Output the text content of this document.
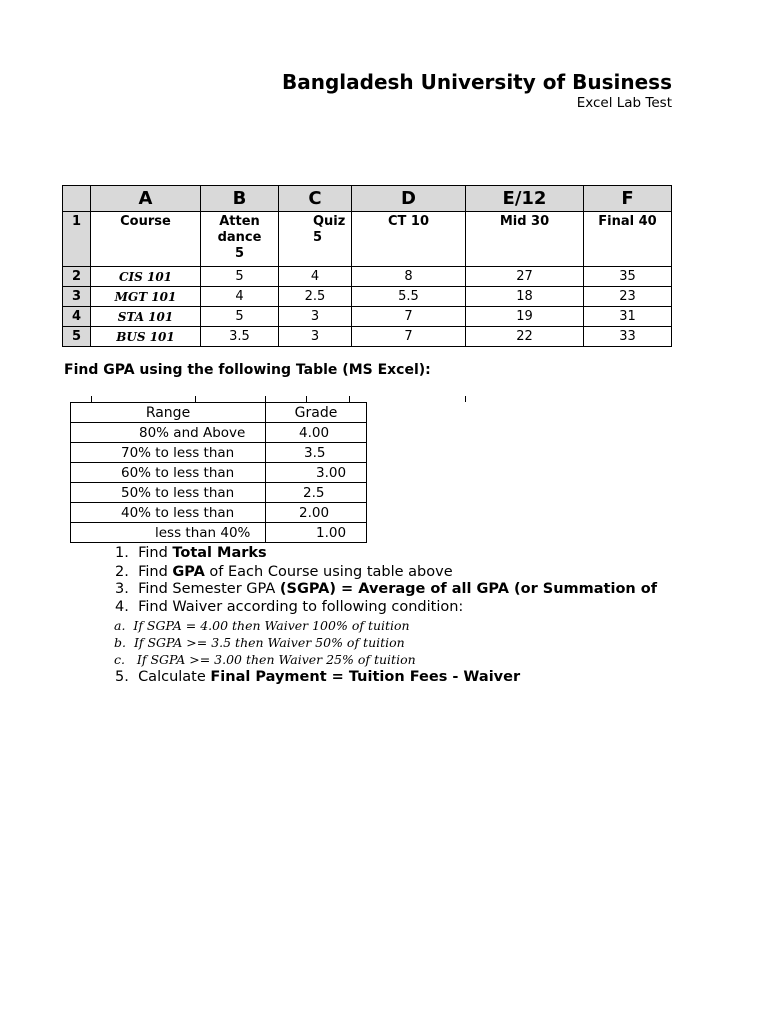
Bangladesh University of Business
Excel Lab Test
	A	B	C	D	E/12	F
1	Course	Atten dance 5	Quiz 5	CT 10	Mid 30	Final 40
2	CIS 101	5	4	8	27	35
3	MGT 101	4	2.5	5.5	18	23
4	STA 101	5	3	7	19	31
5	BUS 101	3.5	3	7	22	33
Find GPA using the following Table (MS Excel):
Range	Grade
80% and Above	4.00
70% to less than	3.5
60% to less than	3.00
50% to less than	2.5
40% to less than	2.00
less than 40%	1.00
1. Find Total Marks
2. Find GPA of Each Course using table above
3. Find Semester GPA (SGPA) = Average of all GPA (or Summation of
4. Find Waiver according to following condition:
a. If SGPA = 4.00 then Waiver 100% of tuition
b. If SGPA >= 3.5 then Waiver 50% of tuition
c. If SGPA >= 3.00 then Waiver 25% of tuition
5. Calculate Final Payment = Tuition Fees - Waiver
